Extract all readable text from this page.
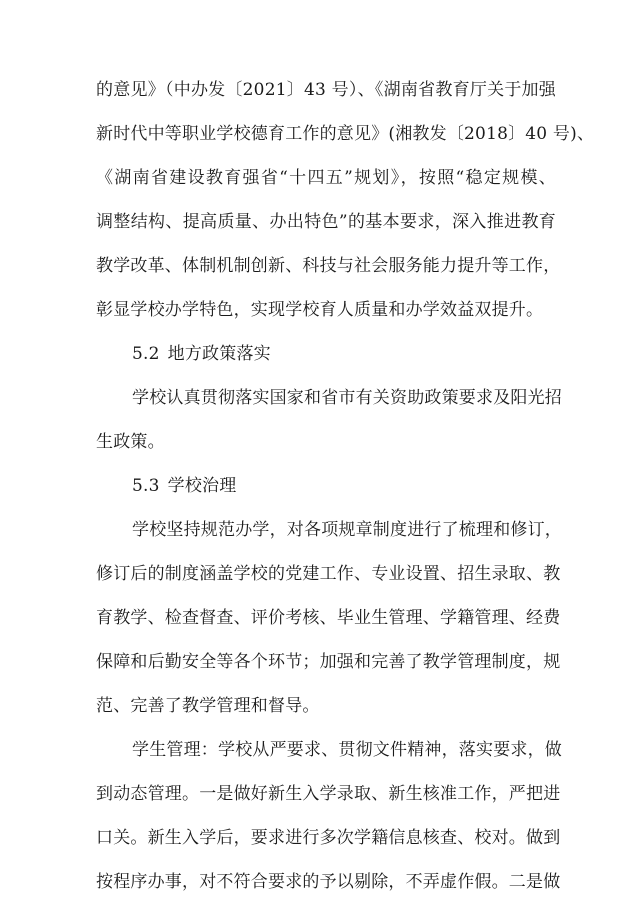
的意见》（中办发〔2021〕43 号）、《湖南省教育厅关于加强
新时代中等职业学校德育工作的意见》(湘教发〔2018〕40 号)、
《湖南省建设教育强省“十四五”规划》，按照“稳定规模、
调整结构、提高质量、办出特色”的基本要求，深入推进教育
教学改革、体制机制创新、科技与社会服务能力提升等工作，
彰显学校办学特色，实现学校育人质量和办学效益双提升。
5.2 地方政策落实
学校认真贯彻落实国家和省市有关资助政策要求及阳光招
生政策。
5.3 学校治理
学校坚持规范办学，对各项规章制度进行了梳理和修订，
修订后的制度涵盖学校的党建工作、专业设置、招生录取、教
育教学、检查督查、评价考核、毕业生管理、学籍管理、经费
保障和后勤安全等各个环节；加强和完善了教学管理制度，规
范、完善了教学管理和督导。
学生管理：学校从严要求、贯彻文件精神，落实要求，做
到动态管理。一是做好新生入学录取、新生核准工作，严把进
口关。新生入学后，要求进行多次学籍信息核查、校对。做到
按程序办事，对不符合要求的予以剔除，不弄虚作假。二是做
